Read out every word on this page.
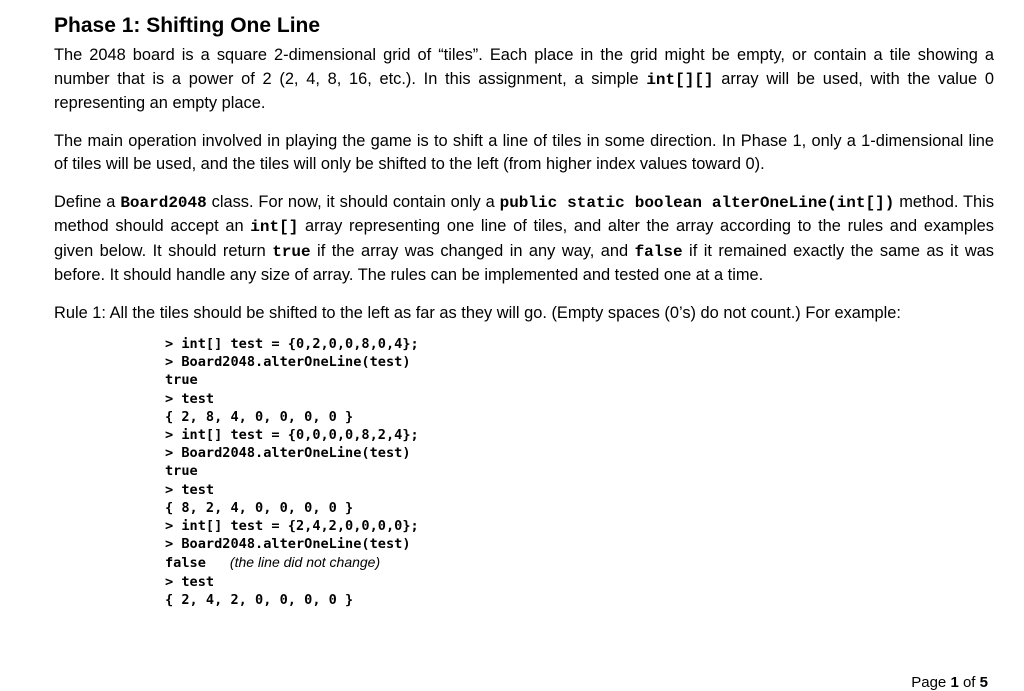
Phase 1: Shifting One Line

The 2048 board is a square 2-dimensional grid of “tiles”. Each place in the grid might be empty, or contain a tile showing a number that is a power of 2 (2, 4, 8, 16, etc.). In this assignment, a simple int[][] array will be used, with the value 0 representing an empty place.

The main operation involved in playing the game is to shift a line of tiles in some direction. In Phase 1, only a 1-dimensional line of tiles will be used, and the tiles will only be shifted to the left (from higher index values toward 0).

Define a Board2048 class. For now, it should contain only a public static boolean alterOneLine(int[]) method. This method should accept an int[] array representing one line of tiles, and alter the array according to the rules and examples given below. It should return true if the array was changed in any way, and false if it remained exactly the same as it was before. It should handle any size of array. The rules can be implemented and tested one at a time.

Rule 1: All the tiles should be shifted to the left as far as they will go. (Empty spaces (0’s) do not count.) For example:

> int[] test = {0,2,0,0,8,0,4};
> Board2048.alterOneLine(test)
true
> test
{ 2, 8, 4, 0, 0, 0, 0 }
> int[] test = {0,0,0,0,8,2,4};
> Board2048.alterOneLine(test)
true
> test
{ 8, 2, 4, 0, 0, 0, 0 }
> int[] test = {2,4,2,0,0,0,0};
> Board2048.alterOneLine(test)
false (the line did not change)
> test
{ 2, 4, 2, 0, 0, 0, 0 }
Page 1 of 5
